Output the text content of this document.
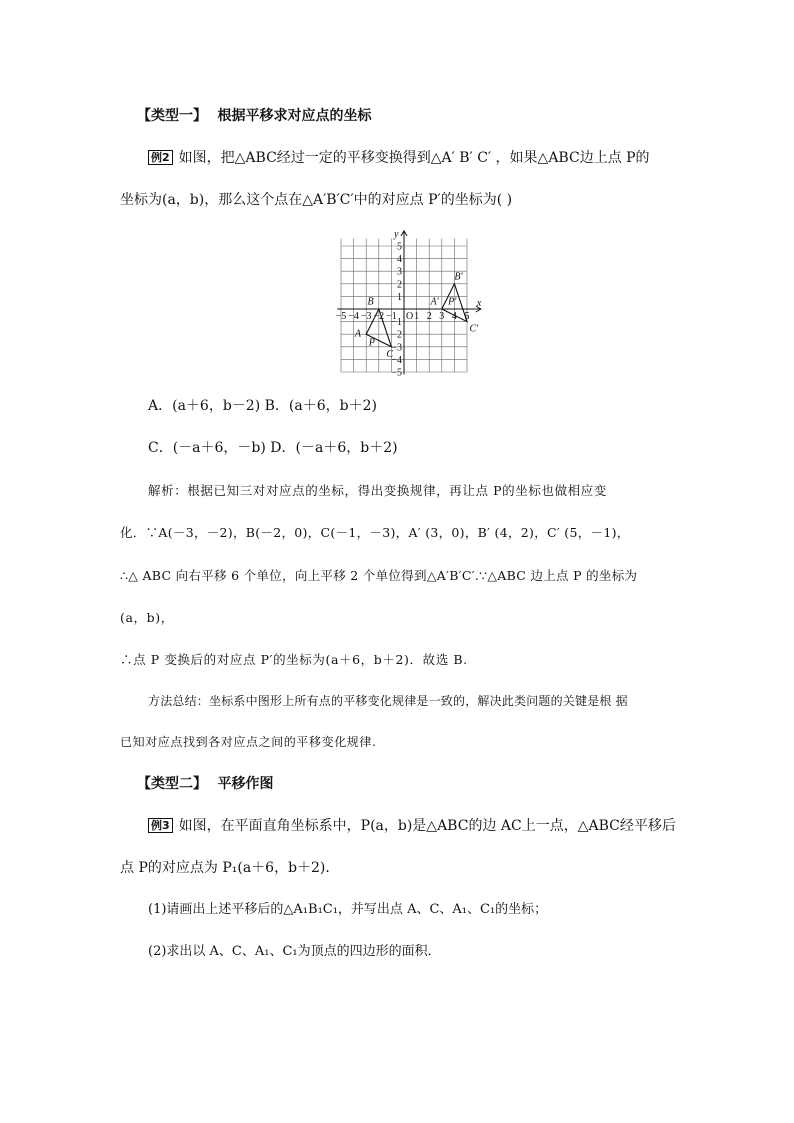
【类型一】 根据平移求对应点的坐标
例2 如图，把△ABC经过一定的平移变换得到△A′ B′ C′ ，如果△ABC边上点 P的
坐标为(a，b)，那么这个点在△A′B′C′中的对应点 P′的坐标为( )
−5 −4 −3 −2 −1 O 1 2 3 4 5
5
4
3
2
1
−1
−2
−3
−4
−5
x
y
A
B
C
P
A′
B′
C′
P′
A．(a＋6，b－2) B．(a＋6，b＋2)
C．(－a＋6，－b) D．(－a＋6，b＋2)
解析：根据已知三对对应点的坐标，得出变换规律，再让点 P的坐标也做相应变
化．∵A(－3，－2)，B(－2，0)，C(－1，－3)，A′ (3，0)，B′ (4，2)，C′ (5，－1)，
∴△ ABC 向右平移 6 个单位，向上平移 2 个单位得到△A′B′C′.∵△ABC 边上点 P 的坐标为
(a，b)，
∴点 P 变换后的对应点 P′的坐标为(a＋6，b＋2)．故选 B.
方法总结：坐标系中图形上所有点的平移变化规律是一致的，解决此类问题的关键是根 据
已知对应点找到各对应点之间的平移变化规律.
【类型二】 平移作图
例3 如图，在平面直角坐标系中，P(a，b)是△ABC的边 AC上一点，△ABC经平移后
点 P的对应点为 P₁(a＋6，b＋2)．
(1)请画出上述平移后的△A₁B₁C₁，并写出点 A、C、A₁、C₁的坐标；
(2)求出以 A、C、A₁、C₁为顶点的四边形的面积．
